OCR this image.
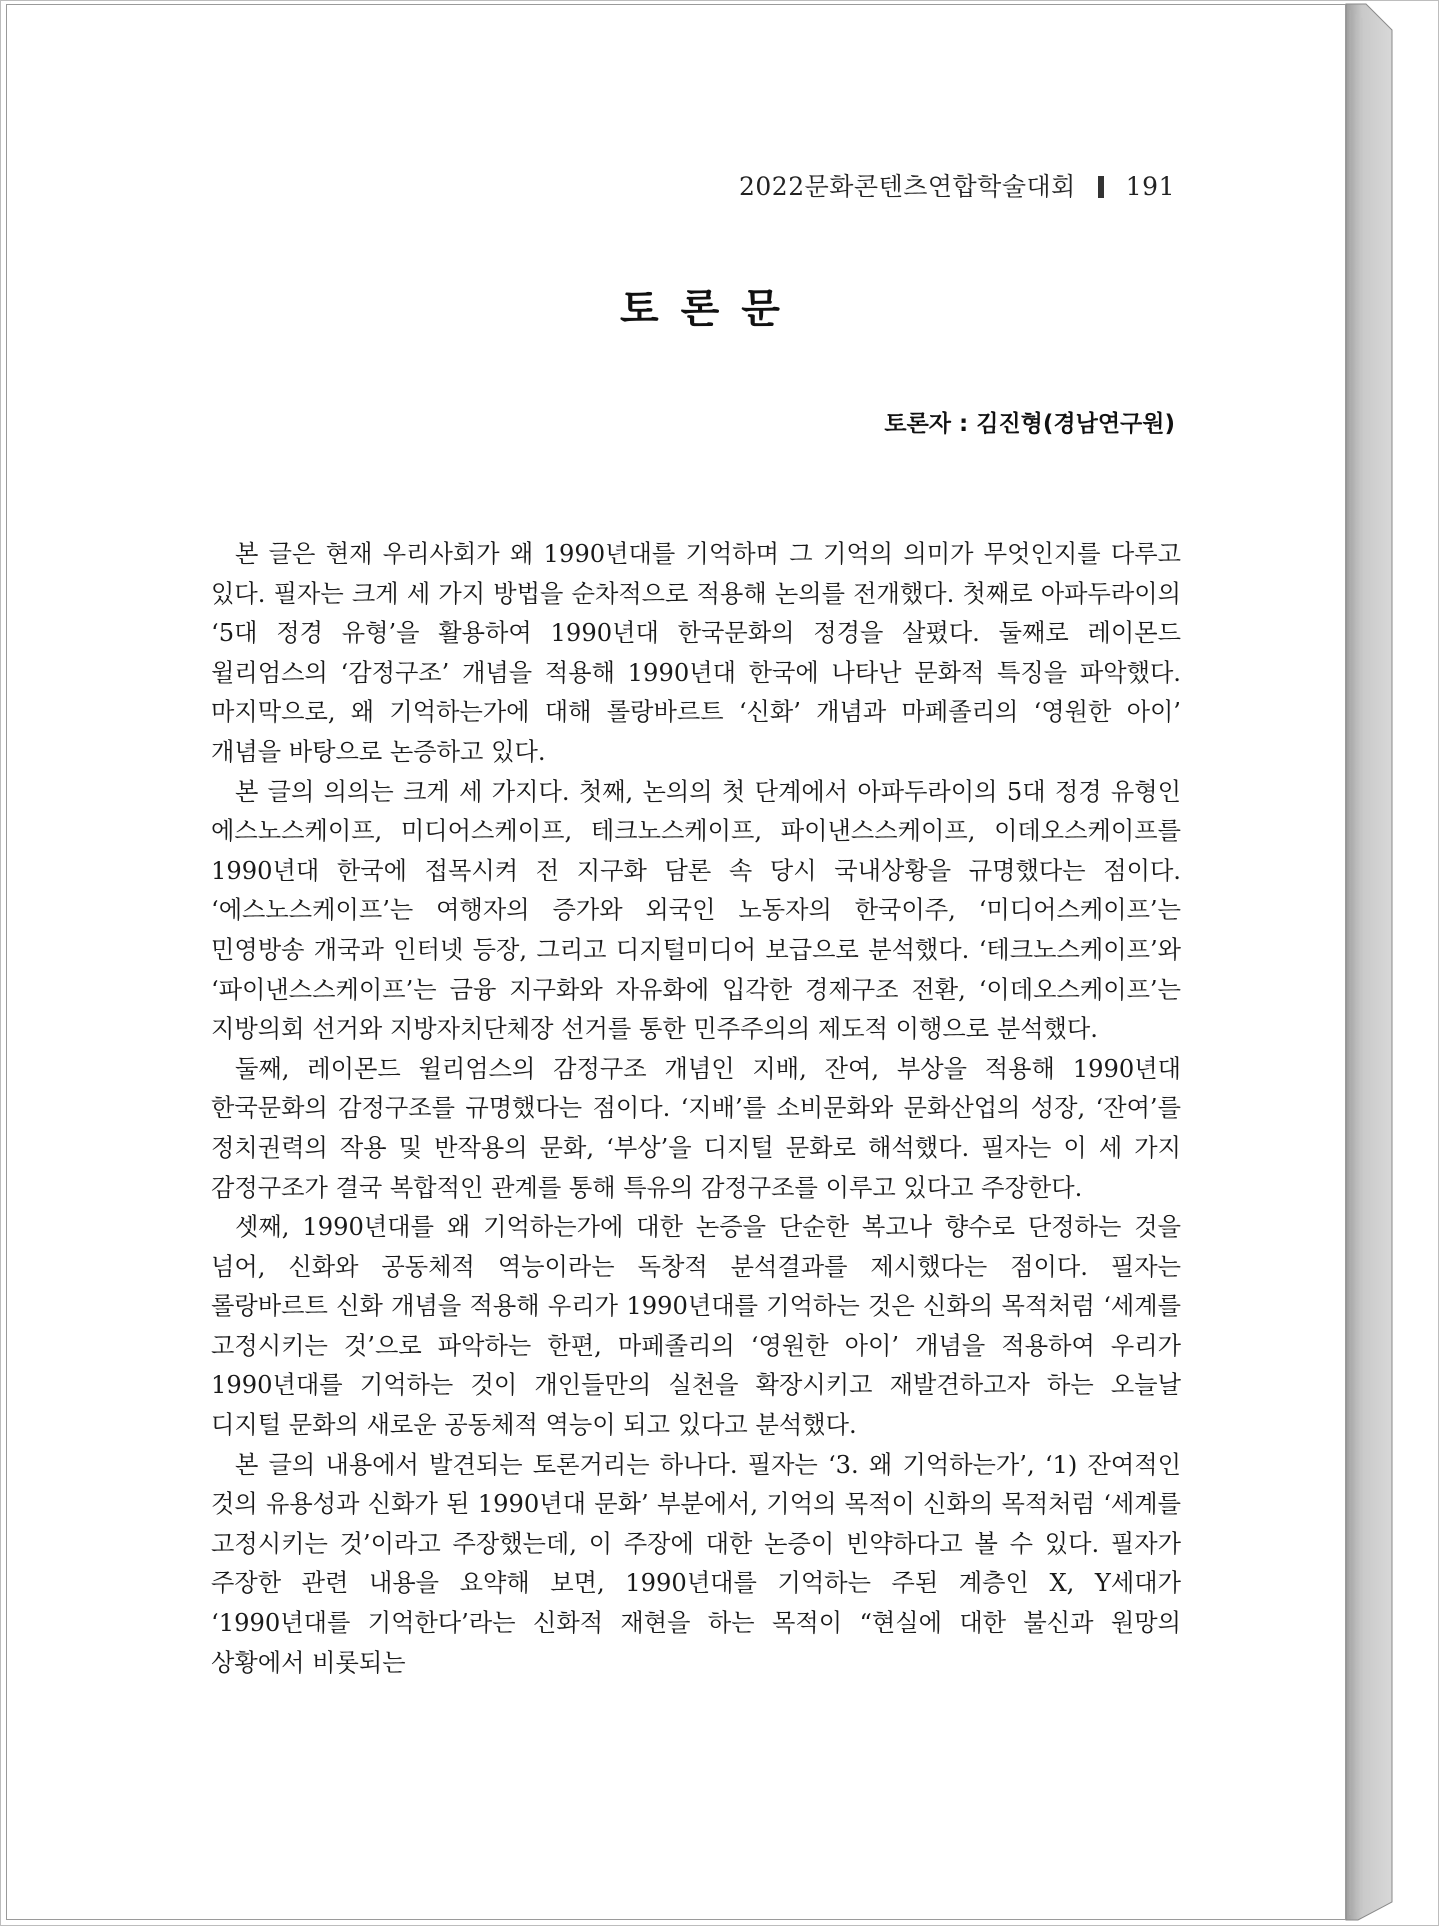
2022문화콘텐츠연합학술대회 191
토론문
토론자 : 김진형(경남연구원)

본 글은 현재 우리사회가 왜 1990년대를 기억하며 그 기억의 의미가 무엇인지를 다루고 있다. 필자는 크게 세 가지 방법을 순차적으로 적용해 논의를 전개했다. 첫째로 아파두라이의 ‘5대 정경 유형’을 활용하여 1990년대 한국문화의 정경을 살폈다. 둘째로 레이몬드 윌리엄스의 ‘감정구조’ 개념을 적용해 1990년대 한국에 나타난 문화적 특징을 파악했다. 마지막으로, 왜 기억하는가에 대해 롤랑바르트 ‘신화’ 개념과 마페졸리의 ‘영원한 아이’ 개념을 바탕으로 논증하고 있다.

본 글의 의의는 크게 세 가지다. 첫째, 논의의 첫 단계에서 아파두라이의 5대 정경 유형인 에스노스케이프, 미디어스케이프, 테크노스케이프, 파이낸스스케이프, 이데오스케이프를 1990년대 한국에 접목시켜 전 지구화 담론 속 당시 국내상황을 규명했다는 점이다. ‘에스노스케이프’는 여행자의 증가와 외국인 노동자의 한국이주, ‘미디어스케이프’는 민영방송 개국과 인터넷 등장, 그리고 디지털미디어 보급으로 분석했다. ‘테크노스케이프’와 ‘파이낸스스케이프’는 금융 지구화와 자유화에 입각한 경제구조 전환, ‘이데오스케이프’는 지방의회 선거와 지방자치단체장 선거를 통한 민주주의의 제도적 이행으로 분석했다.

둘째, 레이몬드 윌리엄스의 감정구조 개념인 지배, 잔여, 부상을 적용해 1990년대 한국문화의 감정구조를 규명했다는 점이다. ‘지배’를 소비문화와 문화산업의 성장, ‘잔여’를 정치권력의 작용 및 반작용의 문화, ‘부상’을 디지털 문화로 해석했다. 필자는 이 세 가지 감정구조가 결국 복합적인 관계를 통해 특유의 감정구조를 이루고 있다고 주장한다.

셋째, 1990년대를 왜 기억하는가에 대한 논증을 단순한 복고나 향수로 단정하는 것을 넘어, 신화와 공동체적 역능이라는 독창적 분석결과를 제시했다는 점이다. 필자는 롤랑바르트 신화 개념을 적용해 우리가 1990년대를 기억하는 것은 신화의 목적처럼 ‘세계를 고정시키는 것’으로 파악하는 한편, 마페졸리의 ‘영원한 아이’ 개념을 적용하여 우리가 1990년대를 기억하는 것이 개인들만의 실천을 확장시키고 재발견하고자 하는 오늘날 디지털 문화의 새로운 공동체적 역능이 되고 있다고 분석했다.

본 글의 내용에서 발견되는 토론거리는 하나다. 필자는 ‘3. 왜 기억하는가’, ‘1) 잔여적인 것의 유용성과 신화가 된 1990년대 문화’ 부분에서, 기억의 목적이 신화의 목적처럼 ‘세계를 고정시키는 것’이라고 주장했는데, 이 주장에 대한 논증이 빈약하다고 볼 수 있다. 필자가 주장한 관련 내용을 요약해 보면, 1990년대를 기억하는 주된 계층인 X, Y세대가 ‘1990년대를 기억한다’라는 신화적 재현을 하는 목적이 “현실에 대한 불신과 원망의 상황에서 비롯되는
